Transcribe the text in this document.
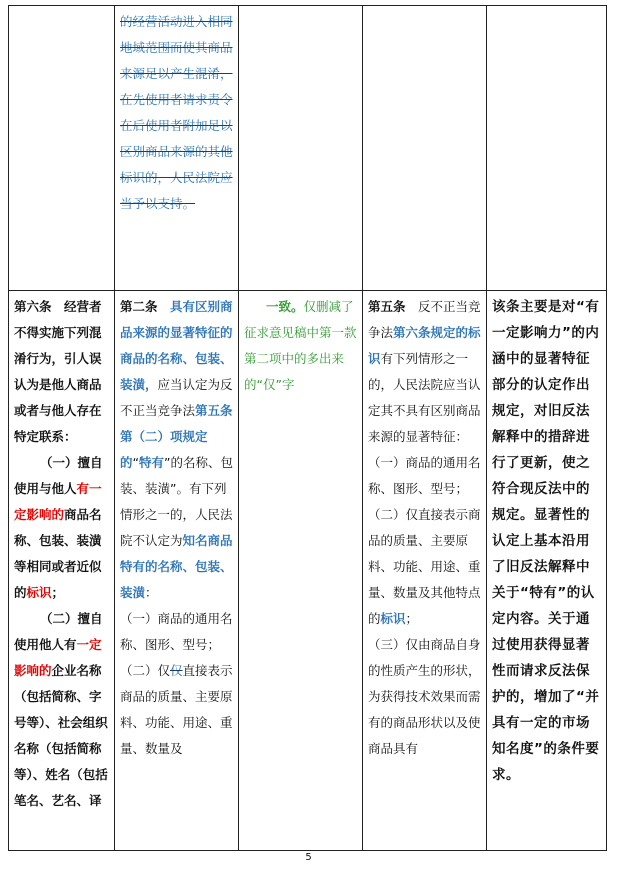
	的经营活动进入相同地域范围而使其商品来源足以产生混淆，在先使用者请求责令在后使用者附加足以区别商品来源的其他标识的，人民法院应当予以支持。			
第六条　经营者不得实施下列混淆行为，引人误认为是他人商品或者与他人存在特定联系：
（一）擅自使用与他人有一定影响的商品名称、包装、装潢等相同或者近似的标识；
（二）擅自使用他人有一定影响的企业名称（包括简称、字号等）、社会组织名称（包括简称等）、姓名（包括笔名、艺名、译	第二条　 具有区别商品来源的显著特征的商品的名称、包装、装潢，应当认定为反不正当竞争法第五条第（二）项规定的“特有”的名称、包装、装潢”。有下列情形之一的，人民法院不认定为知名商品特有的名称、包装、装潢：
（一）商品的通用名称、图形、型号；
（二）仅仅直接表示商品的质量、主要原料、功能、用途、重量、数量及	一致。仅删减了征求意见稿中第一款第二项中的多出来的“仅”字	第五条　反不正当竞争法第六条规定的标识有下列情形之一的，人民法院应当认定其不具有区别商品来源的显著特征：
（一）商品的通用名称、图形、型号；
（二）仅直接表示商品的质量、主要原料、功能、用途、重量、数量及其他特点的标识；
（三）仅由商品自身的性质产生的形状，为获得技术效果而需有的商品形状以及使商品具有	该条主要是对“有一定影响力”的内涵中的显著特征部分的认定作出规定，对旧反法解释中的措辞进行了更新，使之符合现反法中的规定。显著性的认定上基本沿用了旧反法解释中关于“特有”的认定内容。关于通过使用获得显著性而请求反法保护的，增加了“并具有一定的市场知名度”的条件要求。
5
